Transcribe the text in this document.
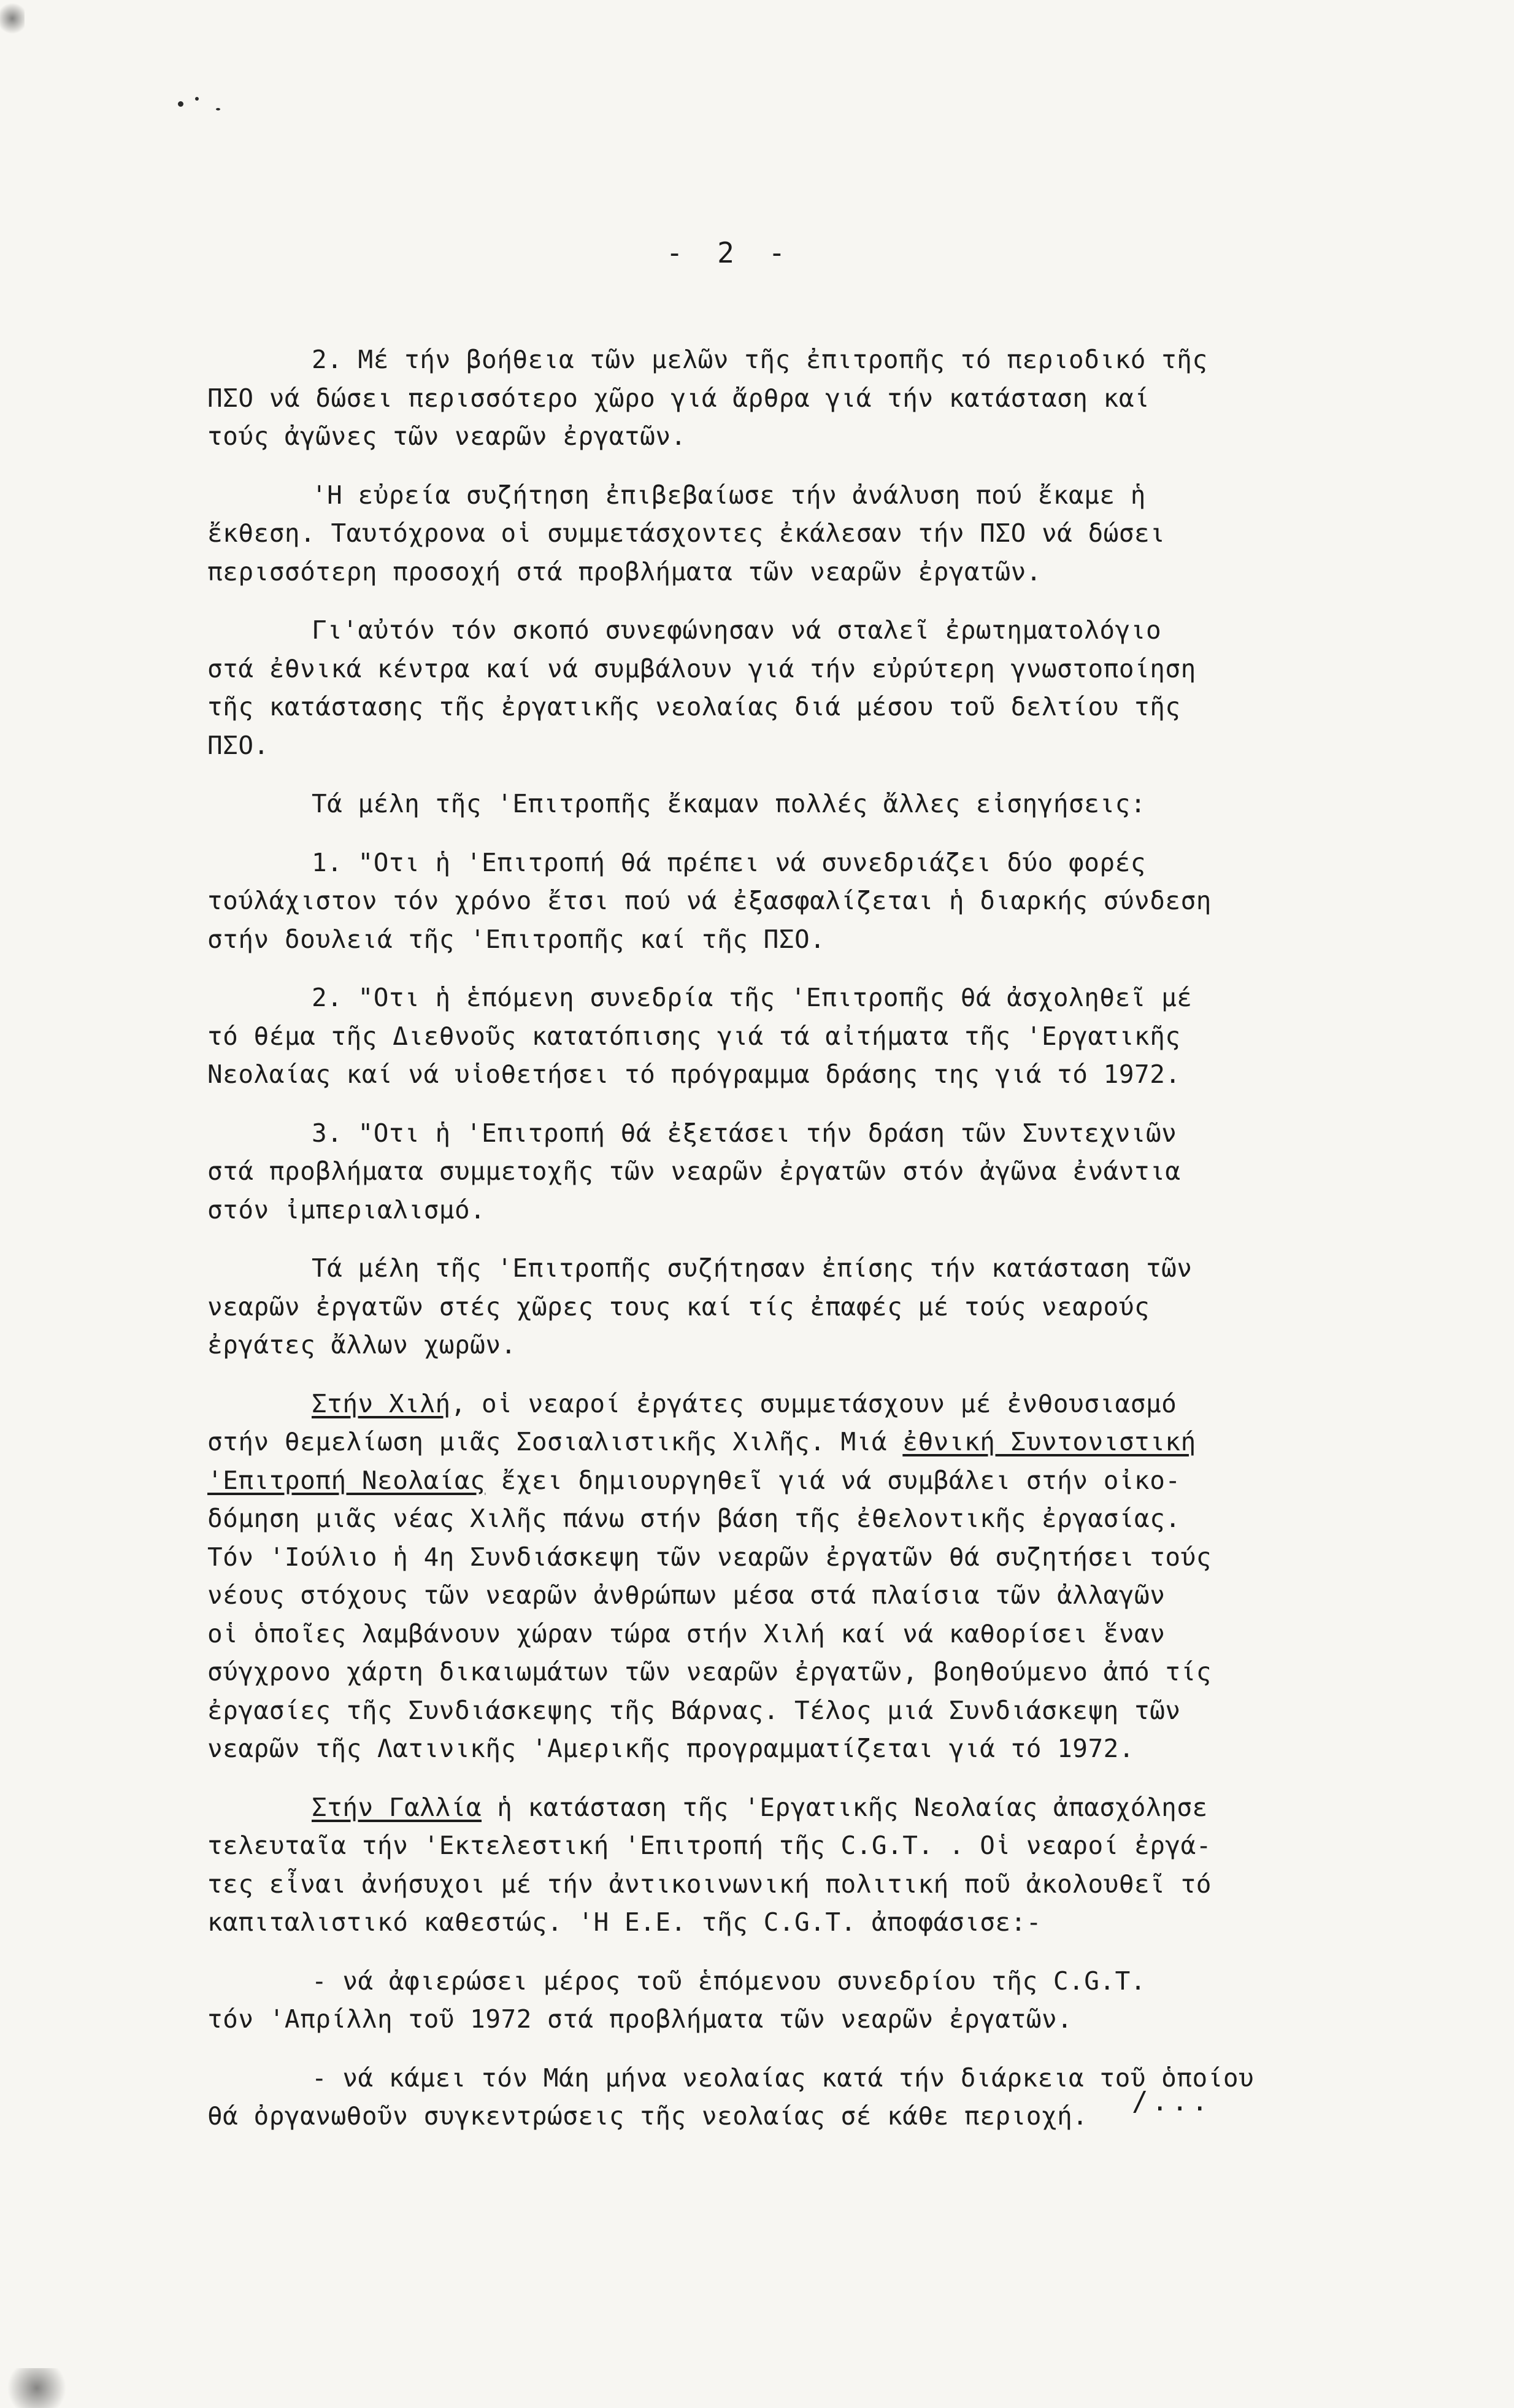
- 2 -
2. Μέ τήν βοήθεια τῶν μελῶν τῆς ἐπιτροπῆς τό περιοδικό τῆς
ΠΣΟ νά δώσει περισσότερο χῶρο γιά ἄρθρα γιά τήν κατάσταση καί
τούς ἀγῶνες τῶν νεαρῶν ἐργατῶν.
'Η εὐρεία συζήτηση ἐπιβεβαίωσε τήν ἀνάλυση πού ἔκαμε ἡ
ἔκθεση. Ταυτόχρονα οἱ συμμετάσχοντες ἐκάλεσαν τήν ΠΣΟ νά δώσει
περισσότερη προσοχή στά προβλήματα τῶν νεαρῶν ἐργατῶν.
Γι'αὐτόν τόν σκοπό συνεφώνησαν νά σταλεῖ ἐρωτηματολόγιο
στά ἐθνικά κέντρα καί νά συμβάλουν γιά τήν εὐρύτερη γνωστοποίηση
τῆς κατάστασης τῆς ἐργατικῆς νεολαίας διά μέσου τοῦ δελτίου τῆς
ΠΣΟ.
Τά μέλη τῆς 'Επιτροπῆς ἔκαμαν πολλές ἄλλες εἰσηγήσεις:
1. "Οτι ἡ 'Επιτροπή θά πρέπει νά συνεδριάζει δύο φορές
τούλάχιστον τόν χρόνο ἔτσι πού νά ἐξασφαλίζεται ἡ διαρκής σύνδεση
στήν δουλειά τῆς 'Επιτροπῆς καί τῆς ΠΣΟ.
2. "Οτι ἡ ἑπόμενη συνεδρία τῆς 'Επιτροπῆς θά ἀσχοληθεῖ μέ
τό θέμα τῆς Διεθνοῦς κατατόπισης γιά τά αἰτήματα τῆς 'Εργατικῆς
Νεολαίας καί νά υἱοθετήσει τό πρόγραμμα δράσης της γιά τό 1972.
3. "Οτι ἡ 'Επιτροπή θά ἐξετάσει τήν δράση τῶν Συντεχνιῶν
στά προβλήματα συμμετοχῆς τῶν νεαρῶν ἐργατῶν στόν ἀγῶνα ἐνάντια
στόν ἰμπεριαλισμό.
Τά μέλη τῆς 'Επιτροπῆς συζήτησαν ἐπίσης τήν κατάσταση τῶν
νεαρῶν ἐργατῶν στές χῶρες τους καί τίς ἐπαφές μέ τούς νεαρούς
ἐργάτες ἄλλων χωρῶν.
Στήν Χιλή, οἱ νεαροί ἐργάτες συμμετάσχουν μέ ἐνθουσιασμό
στήν θεμελίωση μιᾶς Σοσιαλιστικῆς Χιλῆς. Μιά ἐθνική Συντονιστική
'Επιτροπή Νεολαίας ἔχει δημιουργηθεῖ γιά νά συμβάλει στήν οἰκο-
δόμηση μιᾶς νέας Χιλῆς πάνω στήν βάση τῆς ἐθελοντικῆς ἐργασίας.
Τόν 'Ιούλιο ἡ 4η Συνδιάσκεψη τῶν νεαρῶν ἐργατῶν θά συζητήσει τούς
νέους στόχους τῶν νεαρῶν ἀνθρώπων μέσα στά πλαίσια τῶν ἀλλαγῶν
οἱ ὁποῖες λαμβάνουν χώραν τώρα στήν Χιλή καί νά καθορίσει ἕναν
σύγχρονο χάρτη δικαιωμάτων τῶν νεαρῶν ἐργατῶν, βοηθούμενο ἀπό τίς
ἐργασίες τῆς Συνδιάσκεψης τῆς Βάρνας. Τέλος μιά Συνδιάσκεψη τῶν
νεαρῶν τῆς Λατινικῆς 'Αμερικῆς προγραμματίζεται γιά τό 1972.
Στήν Γαλλία ἡ κατάσταση τῆς 'Εργατικῆς Νεολαίας ἀπασχόλησε
τελευταῖα τήν 'Εκτελεστική 'Επιτροπή τῆς C.G.T. . Οἱ νεαροί ἐργά-
τες εἶναι ἀνήσυχοι μέ τήν ἀντικοινωνική πολιτική ποῦ ἀκολουθεῖ τό
καπιταλιστικό καθεστώς. 'Η Ε.Ε. τῆς C.G.T. ἀποφάσισε:-
- νά ἀφιερώσει μέρος τοῦ ἑπόμενου συνεδρίου τῆς C.G.T.
τόν 'Απρίλλη τοῦ 1972 στά προβλήματα τῶν νεαρῶν ἐργατῶν.
- νά κάμει τόν Μάη μήνα νεολαίας κατά τήν διάρκεια τοῦ ὁποίου
θά ὀργανωθοῦν συγκεντρώσεις τῆς νεολαίας σέ κάθε περιοχή.	/...
